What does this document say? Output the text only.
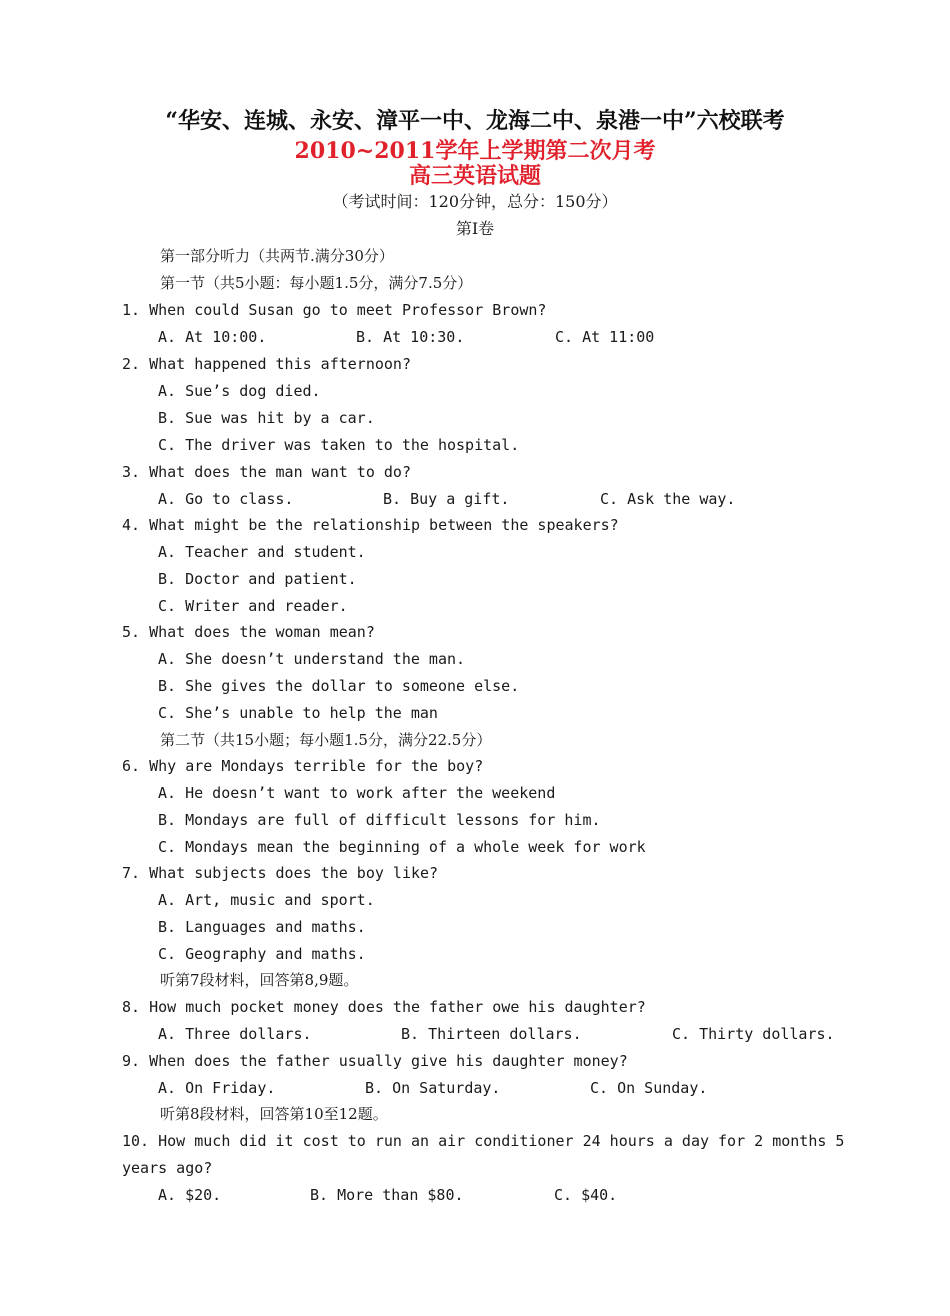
“华安、连城、永安、漳平一中、龙海二中、泉港一中”六校联考
2010~2011学年上学期第二次月考
高三英语试题
（考试时间：120分钟，总分：150分）
第I卷
第一部分听力（共两节.满分30分）
第一节（共5小题：每小题1.5分，满分7.5分）
1. When could Susan go to meet Professor Brown?
A. At 10:00.	B. At 10:30.	C. At 11:00
2. What happened this afternoon?
A. Sue’s dog died.
B. Sue was hit by a car.
C. The driver was taken to the hospital.
3. What does the man want to do?
A. Go to class.	B. Buy a gift.	C. Ask the way.
4. What might be the relationship between the speakers?
A. Teacher and student.
B. Doctor and patient.
C. Writer and reader.
5. What does the woman mean?
A. She doesn’t understand the man.
B. She gives the dollar to someone else.
C. She’s unable to help the man
第二节（共15小题；每小题1.5分，满分22.5分）
6. Why are Mondays terrible for the boy?
A. He doesn’t want to work after the weekend
B. Mondays are full of difficult lessons for him.
C. Mondays mean the beginning of a whole week for work
7. What subjects does the boy like?
A. Art, music and sport.
B. Languages and maths.
C. Geography and maths.
听第7段材料，回答第8,9题。
8. How much pocket money does the father owe his daughter?
A. Three dollars.	B. Thirteen dollars.	C. Thirty dollars.
9. When does the father usually give his daughter money?
A. On Friday.	B. On Saturday.	C. On Sunday.
听第8段材料，回答第10至12题。
10. How much did it cost to run an air conditioner 24 hours a day for 2 months 5
years ago?
A. $20.	B. More than $80.	C. $40.
